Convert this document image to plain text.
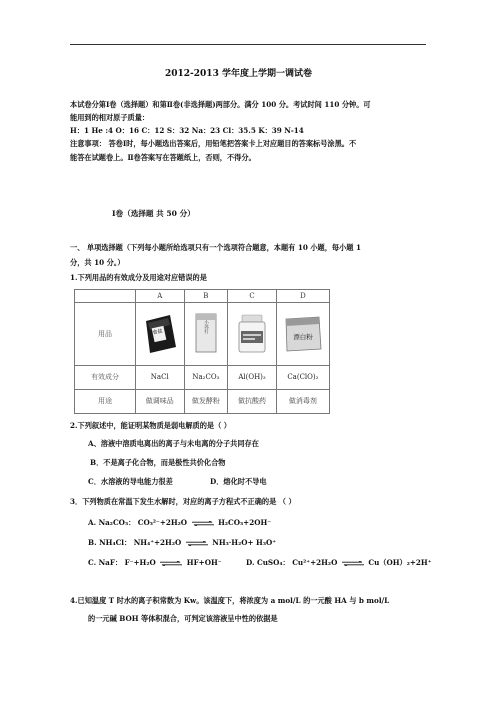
2012-2013 学年度上学期一调试卷
本试卷分第Ⅰ卷（选择题）和第Ⅱ卷(非选择题)两部分。满分 100 分。考试时间 110 分钟。可
能用到的相对原子质量：
H：1 He :4 O：16 C：12 S：32 Na：23 Cl：35.5 K：39 N-14
注意事项： 答卷Ⅰ时，每小题选出答案后，用铅笔把答案卡上对应题目的答案标号涂黑。不
能答在试题卷上。Ⅱ卷答案写在答题纸上，否则，不得分。
Ⅰ卷（选择题 共 50 分）
一、 单项选择题（下列每小题所给选项只有一个选项符合题意，本题有 10 小题，每小题 1
分，共 10 分。）
1.下列用品的有效成分及用途对应错误的是
	A	B	C	D
用品	食盐	小苏打		漂白粉

有效成分	NaCl	Na₂CO₃	Al(OH)₃	Ca(ClO)₂
用途	做调味品	做发酵粉	做抗酸药	做消毒剂
2.下列叙述中，能证明某物质是弱电解质的是（ ）
A、溶液中溶质电离出的离子与未电离的分子共同存在
B．不是离子化合物，而是极性共价化合物
C．水溶液的导电能力很差	D．熔化时不导电
3．下列物质在常温下发生水解时，对应的离子方程式不正确的是 （ ）
A. Na₂CO₃： CO₃²⁻+2H₂O ⇌ H₂CO₃+2OH⁻
B. NH₄Cl： NH₄⁺+2H₂O ⇌ NH₃·H₂O+ H₃O⁺
C. NaF： F⁻+H₂O ⇌ HF+OH⁻	D. CuSO₄： Cu²⁺+2H₂O ⇌ Cu（OH）₂+2H⁺
4.已知温度 T 时水的离子积常数为 Kw。该温度下，将浓度为 a mol/L 的一元酸 HA 与 b mol/L
的一元碱 BOH 等体积混合，可判定该溶液呈中性的依据是
